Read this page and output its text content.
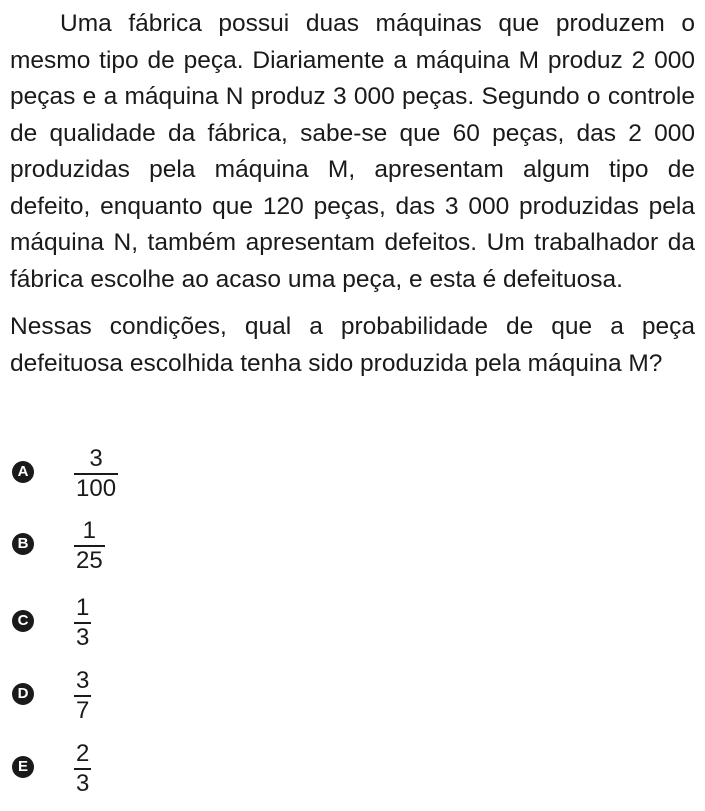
Uma fábrica possui duas máquinas que produzem o mesmo tipo de peça. Diariamente a máquina M produz 2 000 peças e a máquina N produz 3 000 peças. Segundo o controle de qualidade da fábrica, sabe-se que 60 peças, das 2 000 produzidas pela máquina M, apresentam algum tipo de defeito, enquanto que 120 peças, das 3 000 produzidas pela máquina N, também apresentam defeitos. Um trabalhador da fábrica escolhe ao acaso uma peça, e esta é defeituosa.

Nessas condições, qual a probabilidade de que a peça defeituosa escolhida tenha sido produzida pela máquina M?

A	3
100
B 1
25
C 1
3
D 3
7
E 2
3
